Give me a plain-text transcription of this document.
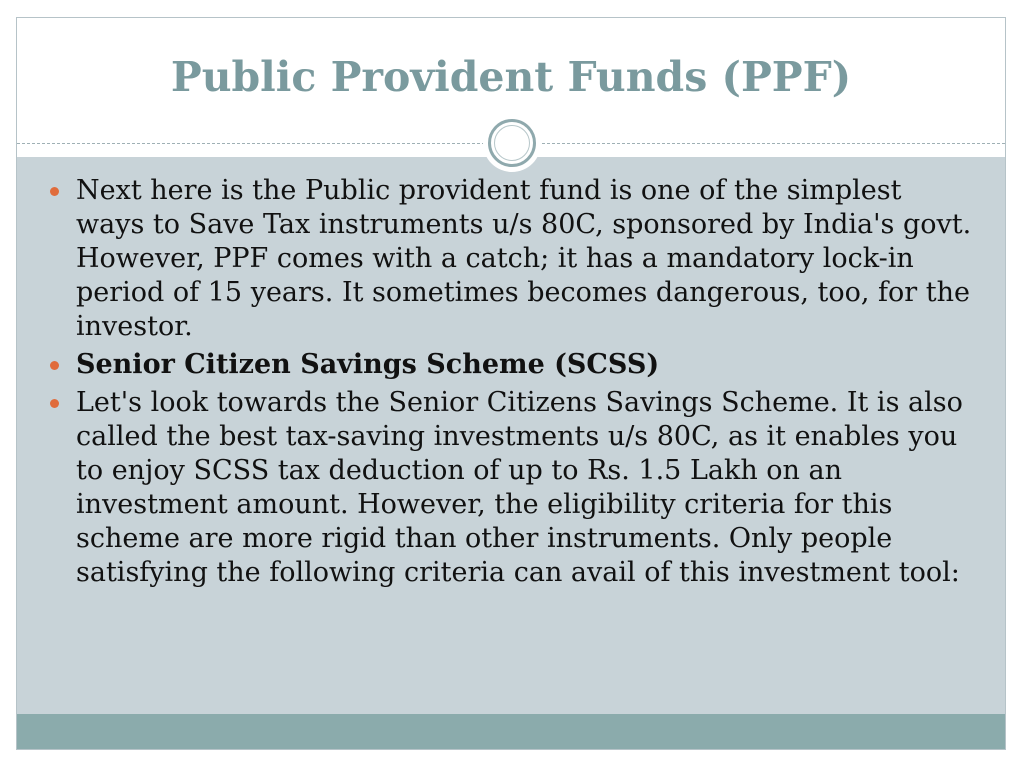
Public Provident Funds (PPF)
Next here is the Public provident fund is one of the simplest ways to Save Tax instruments u/s 80C, sponsored by India's govt. However, PPF comes with a catch; it has a mandatory lock-in period of 15 years. It sometimes becomes dangerous, too, for the investor.
Senior Citizen Savings Scheme (SCSS)
Let's look towards the Senior Citizens Savings Scheme. It is also called the best tax-saving investments u/s 80C, as it enables you to enjoy SCSS tax deduction of up to Rs. 1.5 Lakh on an investment amount. However, the eligibility criteria for this scheme are more rigid than other instruments. Only people satisfying the following criteria can avail of this investment tool:
